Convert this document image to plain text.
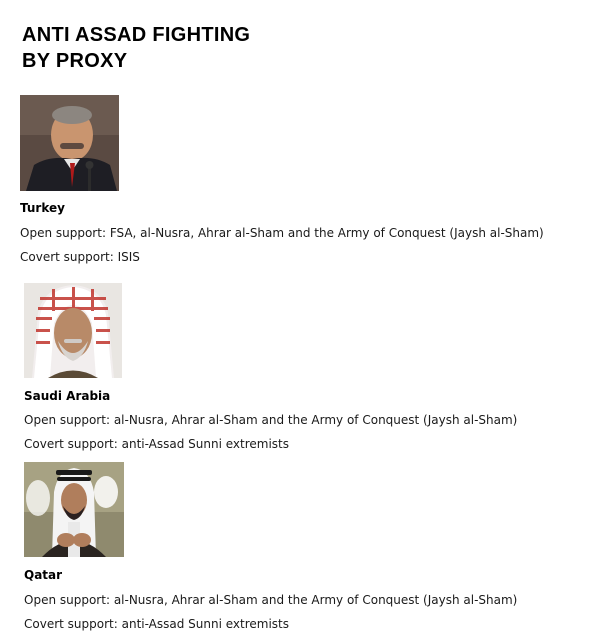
ANTI ASSAD FIGHTING
BY PROXY
Turkey
Open support: FSA, al-Nusra, Ahrar al-Sham and the Army of Conquest (Jaysh al-Sham)
Covert support: ISIS
Saudi Arabia
Open support: al-Nusra, Ahrar al-Sham and the Army of Conquest (Jaysh al-Sham)
Covert support: anti-Assad Sunni extremists
Qatar
Open support: al-Nusra, Ahrar al-Sham and the Army of Conquest (Jaysh al-Sham)
Covert support: anti-Assad Sunni extremists
